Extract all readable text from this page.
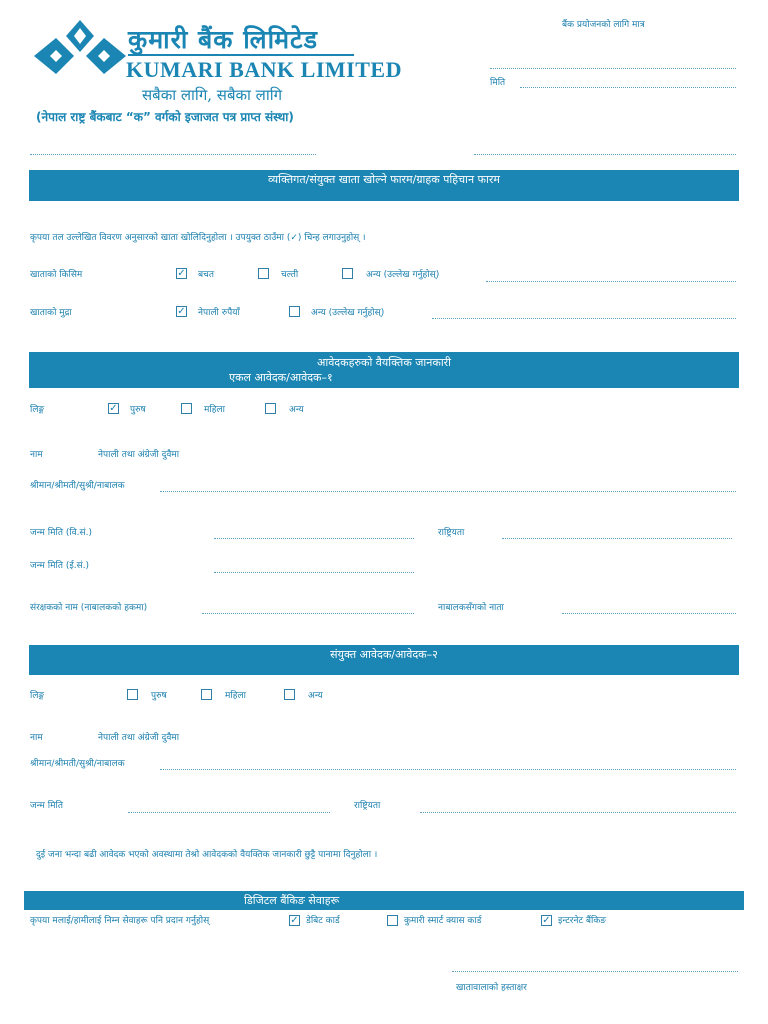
कुमारी बैंक लिमिटेड
KUMARI BANK LIMITED
सबैका लागि, सबैका लागि
(नेपाल राष्ट्र बैंकबाट “क” वर्गको इजाजत पत्र प्राप्त संस्था)
बैंक प्रयोजनको लागि मात्र
मिति
व्यक्तिगत/संयुक्त खाता खोल्ने फारम/ग्राहक पहिचान फारम
कृपया तल उल्लेखित विवरण अनुसारको खाता खोलिदिनुहोला । उपयुक्त ठाउँमा (✓) चिन्ह लगाउनुहोस् ।
खाताको किसिम ✓	बचत	चल्ती	अन्य (उल्लेख गर्नुहोस्)
खाताको मुद्रा ✓	नेपाली रुपैयाँ	अन्य (उल्लेख गर्नुहोस्)
आवेदकहरुको वैयक्तिक जानकारी
एकल आवेदक/आवेदक–१
लिङ्ग ✓	पुरुष	महिला	अन्य
नाम	नेपाली तथा अंग्रेजी दुवैमा
श्रीमान/श्रीमती/सुश्री/नाबालक
जन्म मिति (वि.सं.)	राष्ट्रियता
जन्म मिति (ई.सं.)
संरक्षकको नाम (नाबालकको हकमा)	नाबालकसँगको नाता
संयुक्त आवेदक/आवेदक–२
लिङ्ग	पुरुष	महिला	अन्य
नाम	नेपाली तथा अंग्रेजी दुवैमा
श्रीमान/श्रीमती/सुश्री/नाबालक
जन्म मिति	राष्ट्रियता
दुई जना भन्दा बढी आवेदक भएको अवस्थामा तेश्रो आवेदकको वैयक्तिक जानकारी छुट्टै पानामा दिनुहोला ।
डिजिटल बैंकिङ सेवाहरू
कृपया मलाई/हामीलाई निम्न सेवाहरू पनि प्रदान गर्नुहोस् ✓	डेबिट कार्ड	कुमारी स्मार्ट क्यास कार्ड ✓	इन्टरनेट बैंकिङ
खातावालाको हस्ताक्षर
